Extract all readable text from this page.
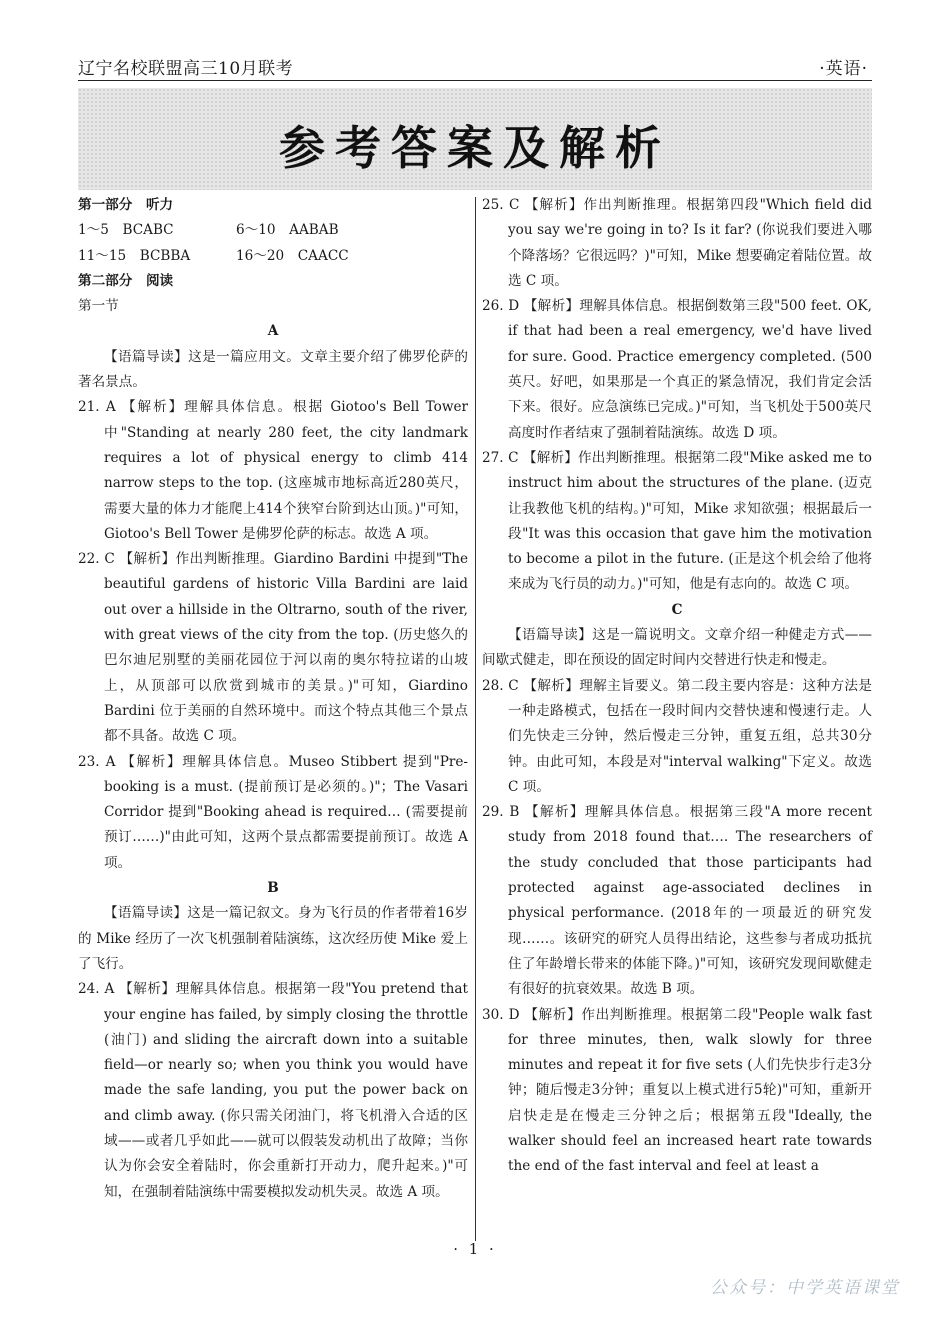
辽宁名校联盟高三10月联考	·英语·
参考答案及解析
第一部分　听力
1～5　BCABC	6～10　AABAB
11～15　BCBBA	16～20　CAACC
第二部分　阅读
第一节
A

【语篇导读】这是一篇应用文。文章主要介绍了佛罗伦萨的著名景点。

21. A 【解析】理解具体信息。根据 Giotoo's Bell Tower 中"Standing at nearly 280 feet, the city landmark requires a lot of physical energy to climb 414 narrow steps to the top. (这座城市地标高近280英尺，需要大量的体力才能爬上414个狭窄台阶到达山顶。)"可知，Giotoo's Bell Tower 是佛罗伦萨的标志。故选 A 项。

22. C 【解析】作出判断推理。Giardino Bardini 中提到"The beautiful gardens of historic Villa Bardini are laid out over a hillside in the Oltrarno, south of the river, with great views of the city from the top. (历史悠久的巴尔迪尼别墅的美丽花园位于河以南的奥尔特拉诺的山坡上，从顶部可以欣赏到城市的美景。)"可知，Giardino Bardini 位于美丽的自然环境中。而这个特点其他三个景点都不具备。故选 C 项。

23. A 【解析】理解具体信息。Museo Stibbert 提到"Pre-booking is a must. (提前预订是必须的。)"；The Vasari Corridor 提到"Booking ahead is required… (需要提前预订……)"由此可知，这两个景点都需要提前预订。故选 A 项。

B

【语篇导读】这是一篇记叙文。身为飞行员的作者带着16岁的 Mike 经历了一次飞机强制着陆演练，这次经历使 Mike 爱上了飞行。

24. A 【解析】理解具体信息。根据第一段"You pretend that your engine has failed, by simply closing the throttle (油门) and sliding the aircraft down into a suitable field—or nearly so; when you think you would have made the safe landing, you put the power back on and climb away. (你只需关闭油门，将飞机滑入合适的区域——或者几乎如此——就可以假装发动机出了故障；当你认为你会安全着陆时，你会重新打开动力，爬升起来。)"可知，在强制着陆演练中需要模拟发动机失灵。故选 A 项。

25. C 【解析】作出判断推理。根据第四段"Which field did you say we're going in to? Is it far? (你说我们要进入哪个降落场？它很远吗？)"可知，Mike 想要确定着陆位置。故选 C 项。

26. D 【解析】理解具体信息。根据倒数第三段"500 feet. OK, if that had been a real emergency, we'd have lived for sure. Good. Practice emergency completed. (500英尺。好吧，如果那是一个真正的紧急情况，我们肯定会活下来。很好。应急演练已完成。)"可知，当飞机处于500英尺高度时作者结束了强制着陆演练。故选 D 项。

27. C 【解析】作出判断推理。根据第二段"Mike asked me to instruct him about the structures of the plane. (迈克让我教他飞机的结构。)"可知，Mike 求知欲强；根据最后一段"It was this occasion that gave him the motivation to become a pilot in the future. (正是这个机会给了他将来成为飞行员的动力。)"可知，他是有志向的。故选 C 项。

C

【语篇导读】这是一篇说明文。文章介绍一种健走方式——间歇式健走，即在预设的固定时间内交替进行快走和慢走。

28. C 【解析】理解主旨要义。第二段主要内容是：这种方法是一种走路模式，包括在一段时间内交替快速和慢速行走。人们先快走三分钟，然后慢走三分钟，重复五组，总共30分钟。由此可知，本段是对"interval walking"下定义。故选 C 项。

29. B 【解析】理解具体信息。根据第三段"A more recent study from 2018 found that…. The researchers of the study concluded that those participants had protected against age-associated declines in physical performance. (2018年的一项最近的研究发现……。该研究的研究人员得出结论，这些参与者成功抵抗住了年龄增长带来的体能下降。)"可知，该研究发现间歇健走有很好的抗衰效果。故选 B 项。

30. D 【解析】作出判断推理。根据第二段"People walk fast for three minutes, then, walk slowly for three minutes and repeat it for five sets (人们先快步行走3分钟；随后慢走3分钟；重复以上模式进行5轮)"可知，重新开启快走是在慢走三分钟之后；根据第五段"Ideally, the walker should feel an increased heart rate towards the end of the fast interval and feel at least a

· 1 ·
公众号：中学英语课堂
